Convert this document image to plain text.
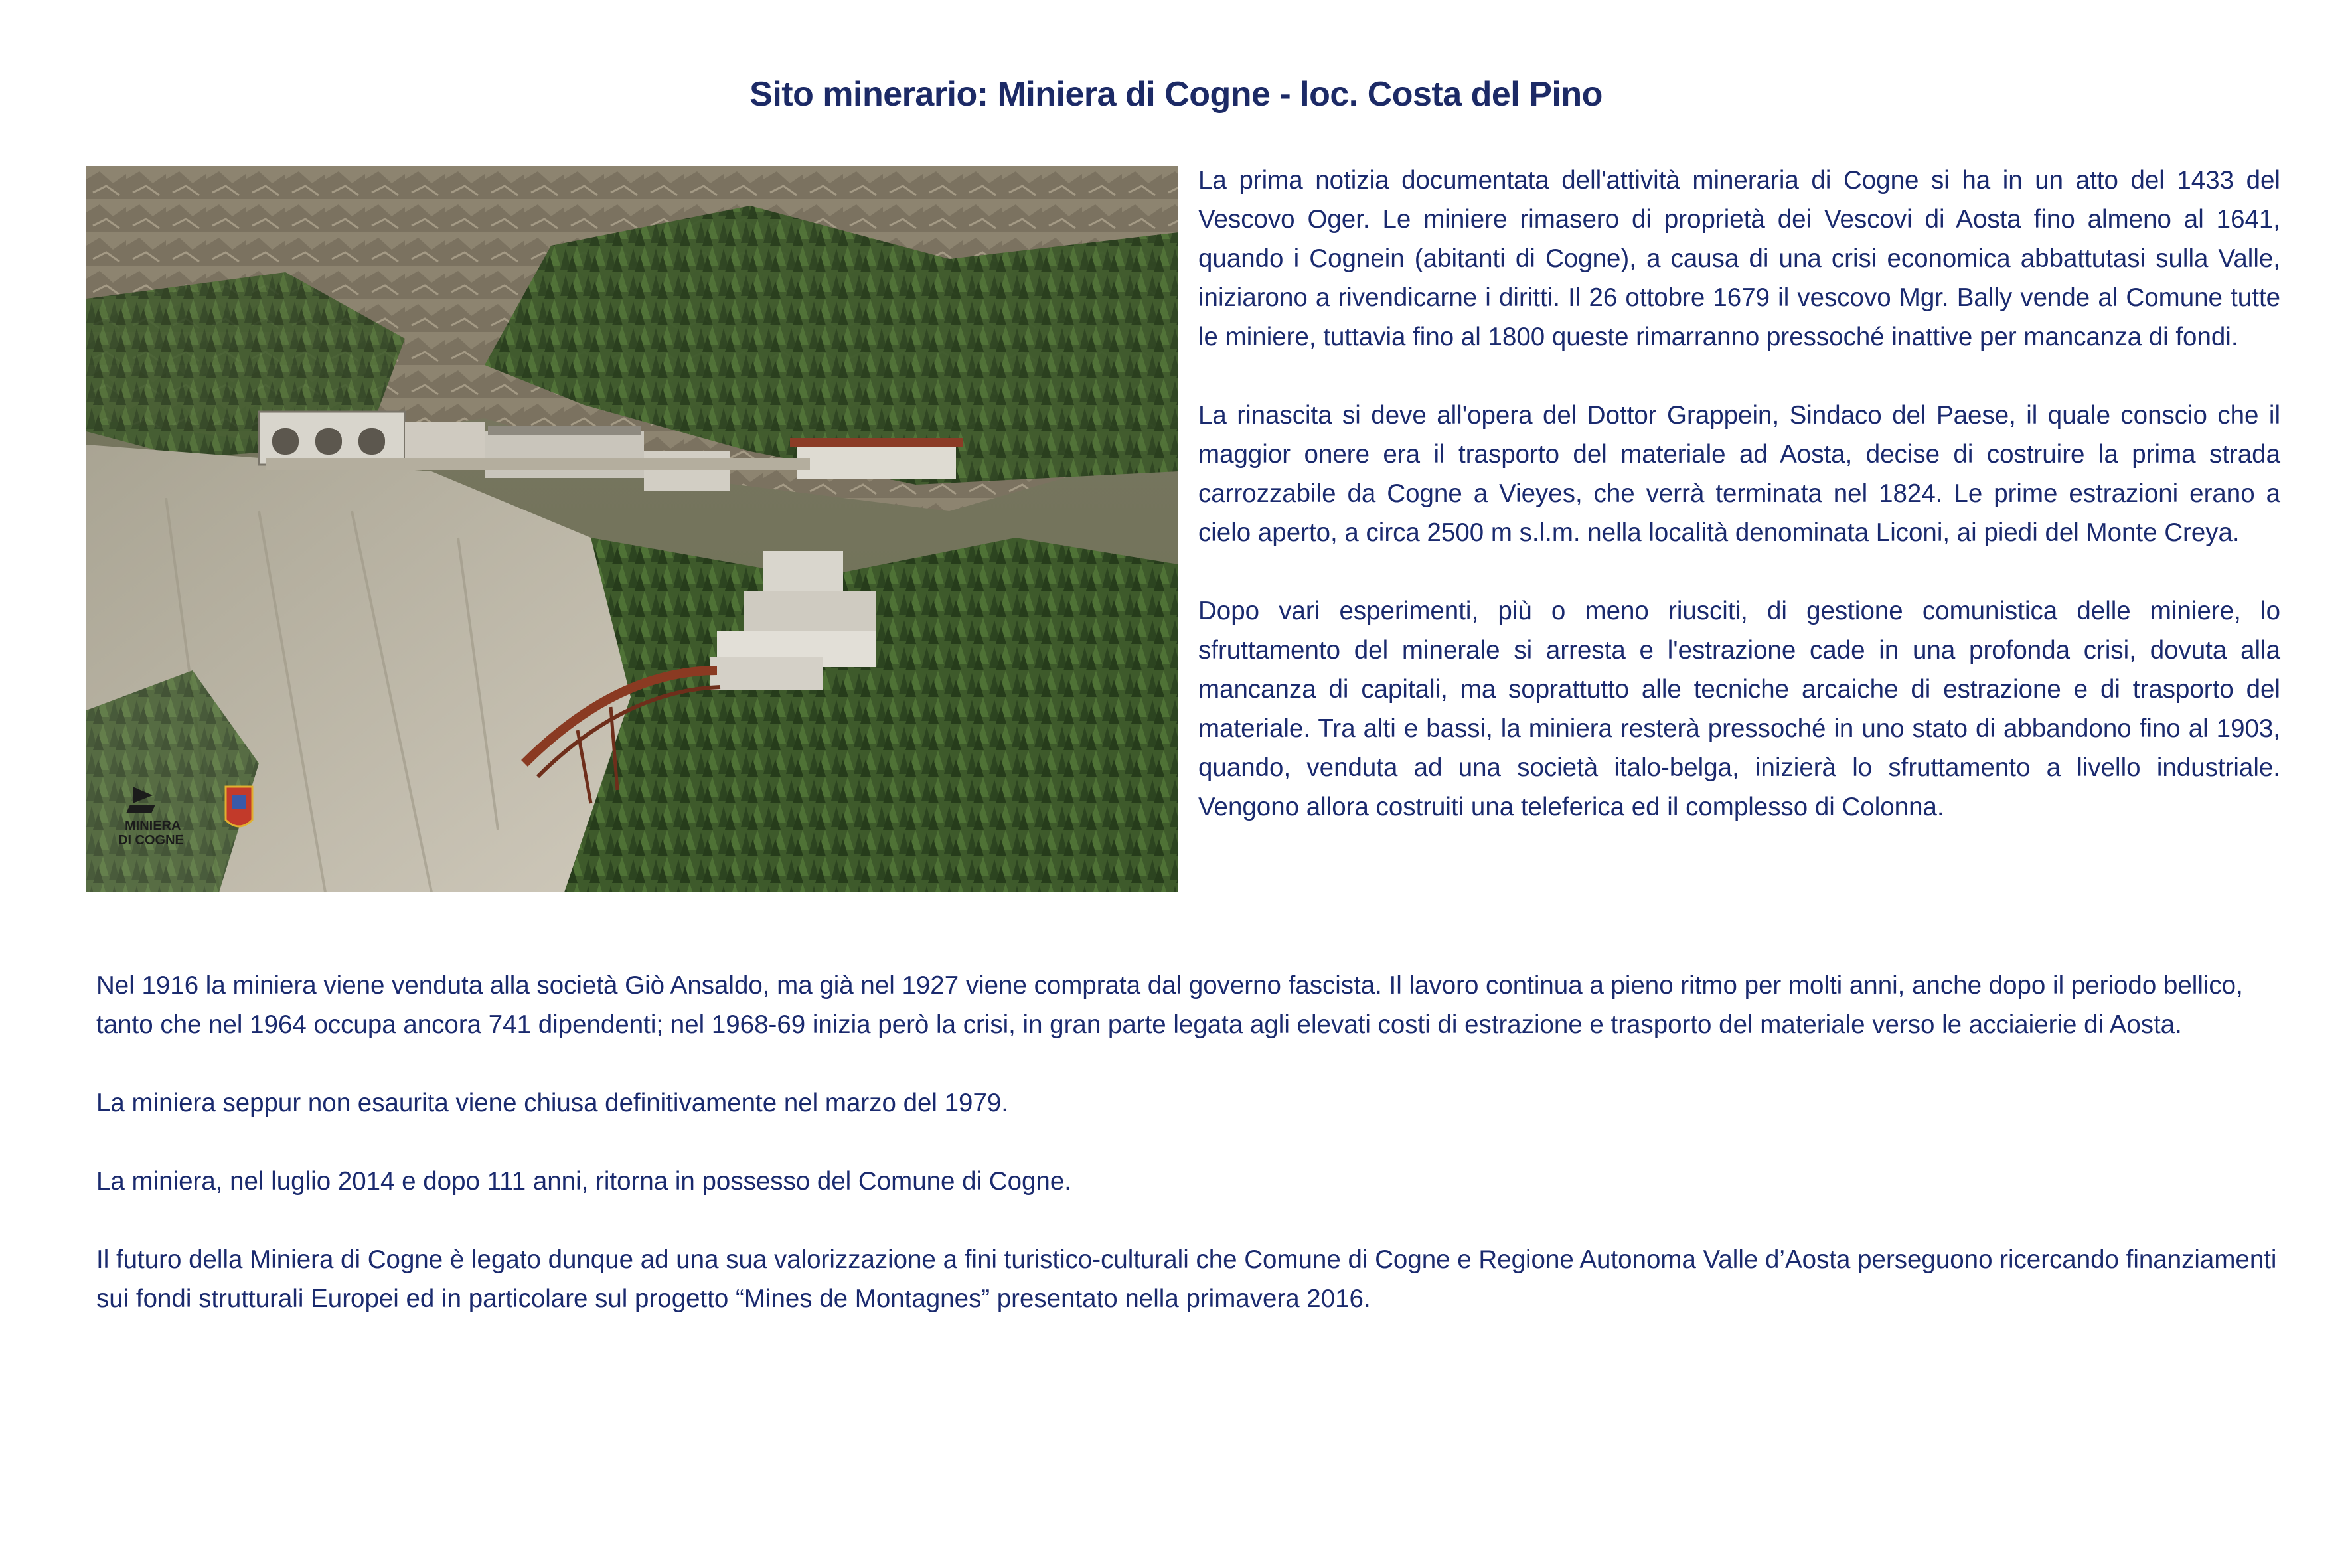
Sito minerario: Miniera di Cogne - loc. Costa del Pino
MINIERA
DI COGNE

La prima notizia documentata dell'attività mineraria di Cogne si ha in un atto del 1433 del Vescovo Oger. Le miniere rimasero di proprietà dei Vescovi di Aosta fino almeno al 1641, quando i Cognein (abitanti di Cogne), a causa di una crisi economica abbattutasi sulla Valle, iniziarono a rivendicarne i diritti. Il 26 ottobre 1679 il vescovo Mgr. Bally vende al Comune tutte le miniere, tuttavia fino al 1800 queste rimarranno pressoché inattive per mancanza di fondi.

La rinascita si deve all'opera del Dottor Grappein, Sindaco del Paese, il quale conscio che il maggior onere era il trasporto del materiale ad Aosta, decise di costruire la prima strada carrozzabile da Cogne a Vieyes, che verrà terminata nel 1824. Le prime estrazioni erano a cielo aperto, a circa 2500 m s.l.m. nella località denominata Liconi, ai piedi del Monte Creya.

Dopo vari esperimenti, più o meno riusciti, di gestione comunistica delle miniere, lo sfruttamento del minerale si arresta e l'estrazione cade in una profonda crisi, dovuta alla mancanza di capitali, ma soprattutto alle tecniche arcaiche di estrazione e di trasporto del materiale. Tra alti e bassi, la miniera resterà pressoché in uno stato di abbandono fino al 1903, quando, venduta ad una società italo-belga, inizierà lo sfruttamento a livello industriale. Vengono allora costruiti una teleferica ed il complesso di Colonna.

Nel 1916 la miniera viene venduta alla società Giò Ansaldo, ma già nel 1927 viene comprata dal governo fascista. Il lavoro continua a pieno ritmo per molti anni, anche dopo il periodo bellico, tanto che nel 1964 occupa ancora 741 dipendenti; nel 1968-69 inizia però la crisi, in gran parte legata agli elevati costi di estrazione e trasporto del materiale verso le acciaierie di Aosta.

La miniera seppur non esaurita viene chiusa definitivamente nel marzo del 1979.

La miniera, nel luglio 2014 e dopo 111 anni, ritorna in possesso del Comune di Cogne.

Il futuro della Miniera di Cogne è legato dunque ad una sua valorizzazione a fini turistico-culturali che Comune di Cogne e Regione Autonoma Valle d’Aosta perseguono ricercando finanziamenti sui fondi strutturali Europei ed in particolare sul progetto “Mines de Montagnes” presentato nella primavera 2016.
